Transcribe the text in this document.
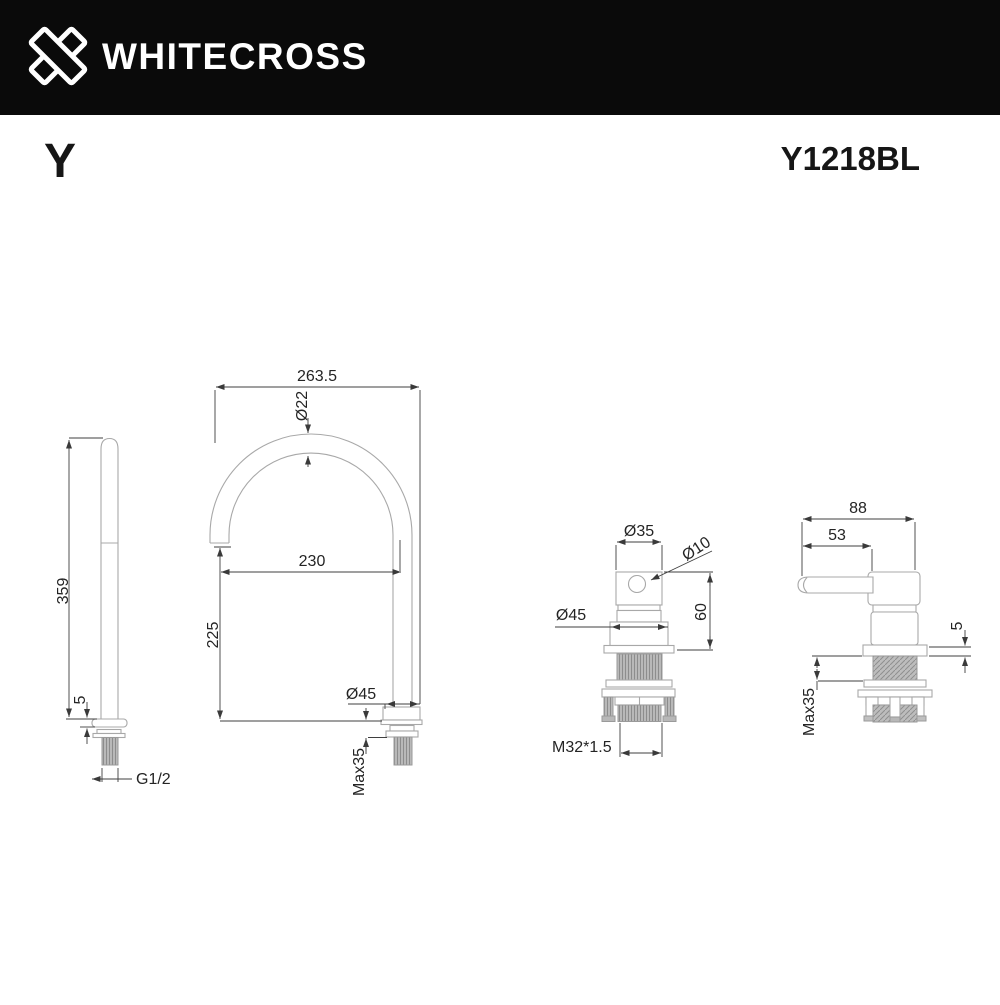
359
5
G1/2
263.5
Ø22
230
225
Ø45
Max35
Ø35
Ø10
Ø45	60
M32*1.5
88
53
5
Max35
WHITECROSS
Y	Y1218BL
